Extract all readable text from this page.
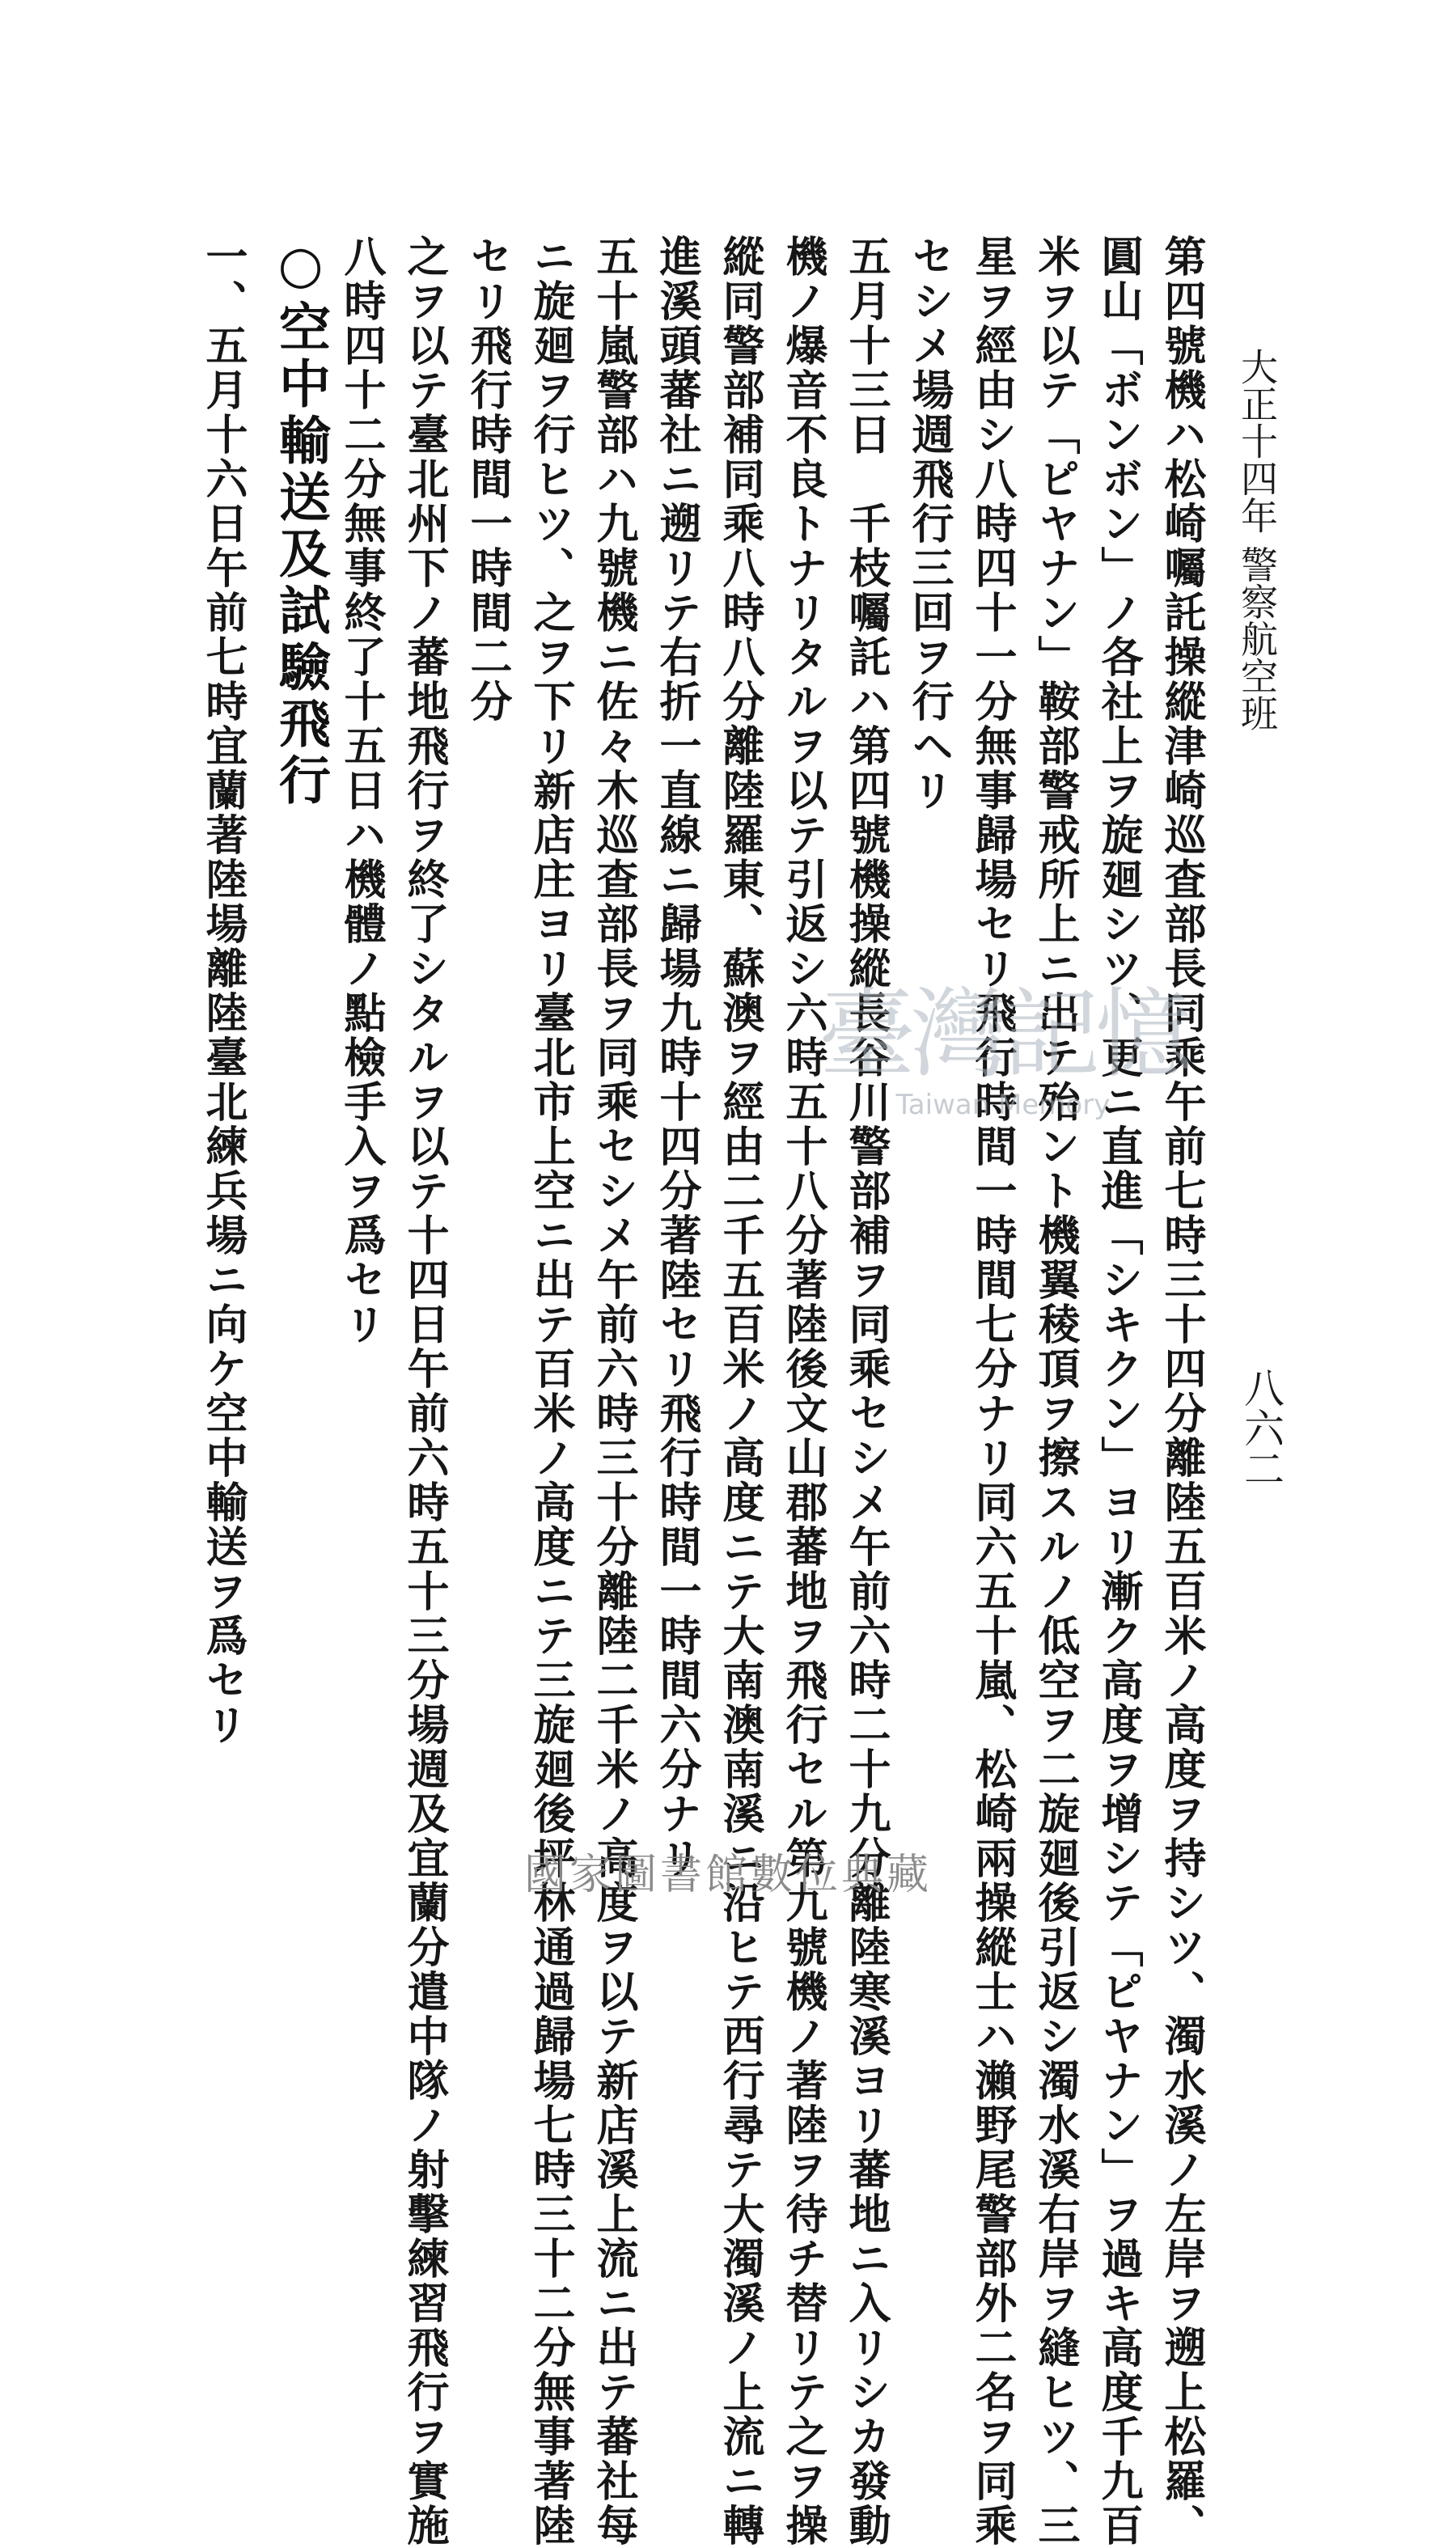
大正十四年 警察航空班
八六二
第四號機ハ松崎囑託操縱津崎巡査部長同乘午前七時三十四分離陸五百米ノ高度ヲ持シツ、濁水溪ノ左岸ヲ遡上松羅、
圓山「ボンボン」ノ各社上ヲ旋廻シツ、更ニ直進「シキクン」ヨリ漸ク高度ヲ增シテ「ピヤナン」ヲ過キ高度千九百
米ヲ以テ「ピヤナン」鞍部警戒所上ニ出テ殆ント機翼稜頂ヲ擦スルノ低空ヲ二旋廻後引返シ濁水溪右岸ヲ縫ヒツ、三
星ヲ經由シ八時四十一分無事歸場セリ飛行時間一時間七分ナリ同六五十嵐、松崎兩操縱士ハ瀨野尾警部外二名ヲ同乘
セシメ場週飛行三回ヲ行ヘリ
五月十三日　千枝囑託ハ第四號機操縱長谷川警部補ヲ同乘セシメ午前六時二十九分離陸寒溪ヨリ蕃地ニ入リシカ發動
機ノ爆音不良トナリタルヲ以テ引返シ六時五十八分著陸後文山郡蕃地ヲ飛行セル第九號機ノ著陸ヲ待チ替リテ之ヲ操
縱同警部補同乘八時八分離陸羅東、蘇澳ヲ經由二千五百米ノ高度ニテ大南澳南溪ニ沿ヒテ西行尋テ大濁溪ノ上流ニ轉
進溪頭蕃社ニ遡リテ右折一直線ニ歸場九時十四分著陸セリ飛行時間一時間六分ナリ
五十嵐警部ハ九號機ニ佐々木巡查部長ヲ同乘セシメ午前六時三十分離陸二千米ノ高度ヲ以テ新店溪上流ニ出テ蕃社每
ニ旋廻ヲ行ヒツ、之ヲ下リ新店庄ヨリ臺北市上空ニ出テ百米ノ高度ニテ三旋廻後坪林通過歸場七時三十二分無事著陸
セリ飛行時間一時間二分
之ヲ以テ臺北州下ノ蕃地飛行ヲ終了シタルヲ以テ十四日午前六時五十三分場週及宜蘭分遣中隊ノ射擊練習飛行ヲ實施
八時四十二分無事終了十五日ハ機體ノ點檢手入ヲ爲セリ
○空中輸送及試驗飛行
一、五月十六日午前七時宜蘭著陸場離陸臺北練兵場ニ向ケ空中輸送ヲ爲セリ	臺灣記憶
Taiwan Memory
國家圖書館數位典藏
